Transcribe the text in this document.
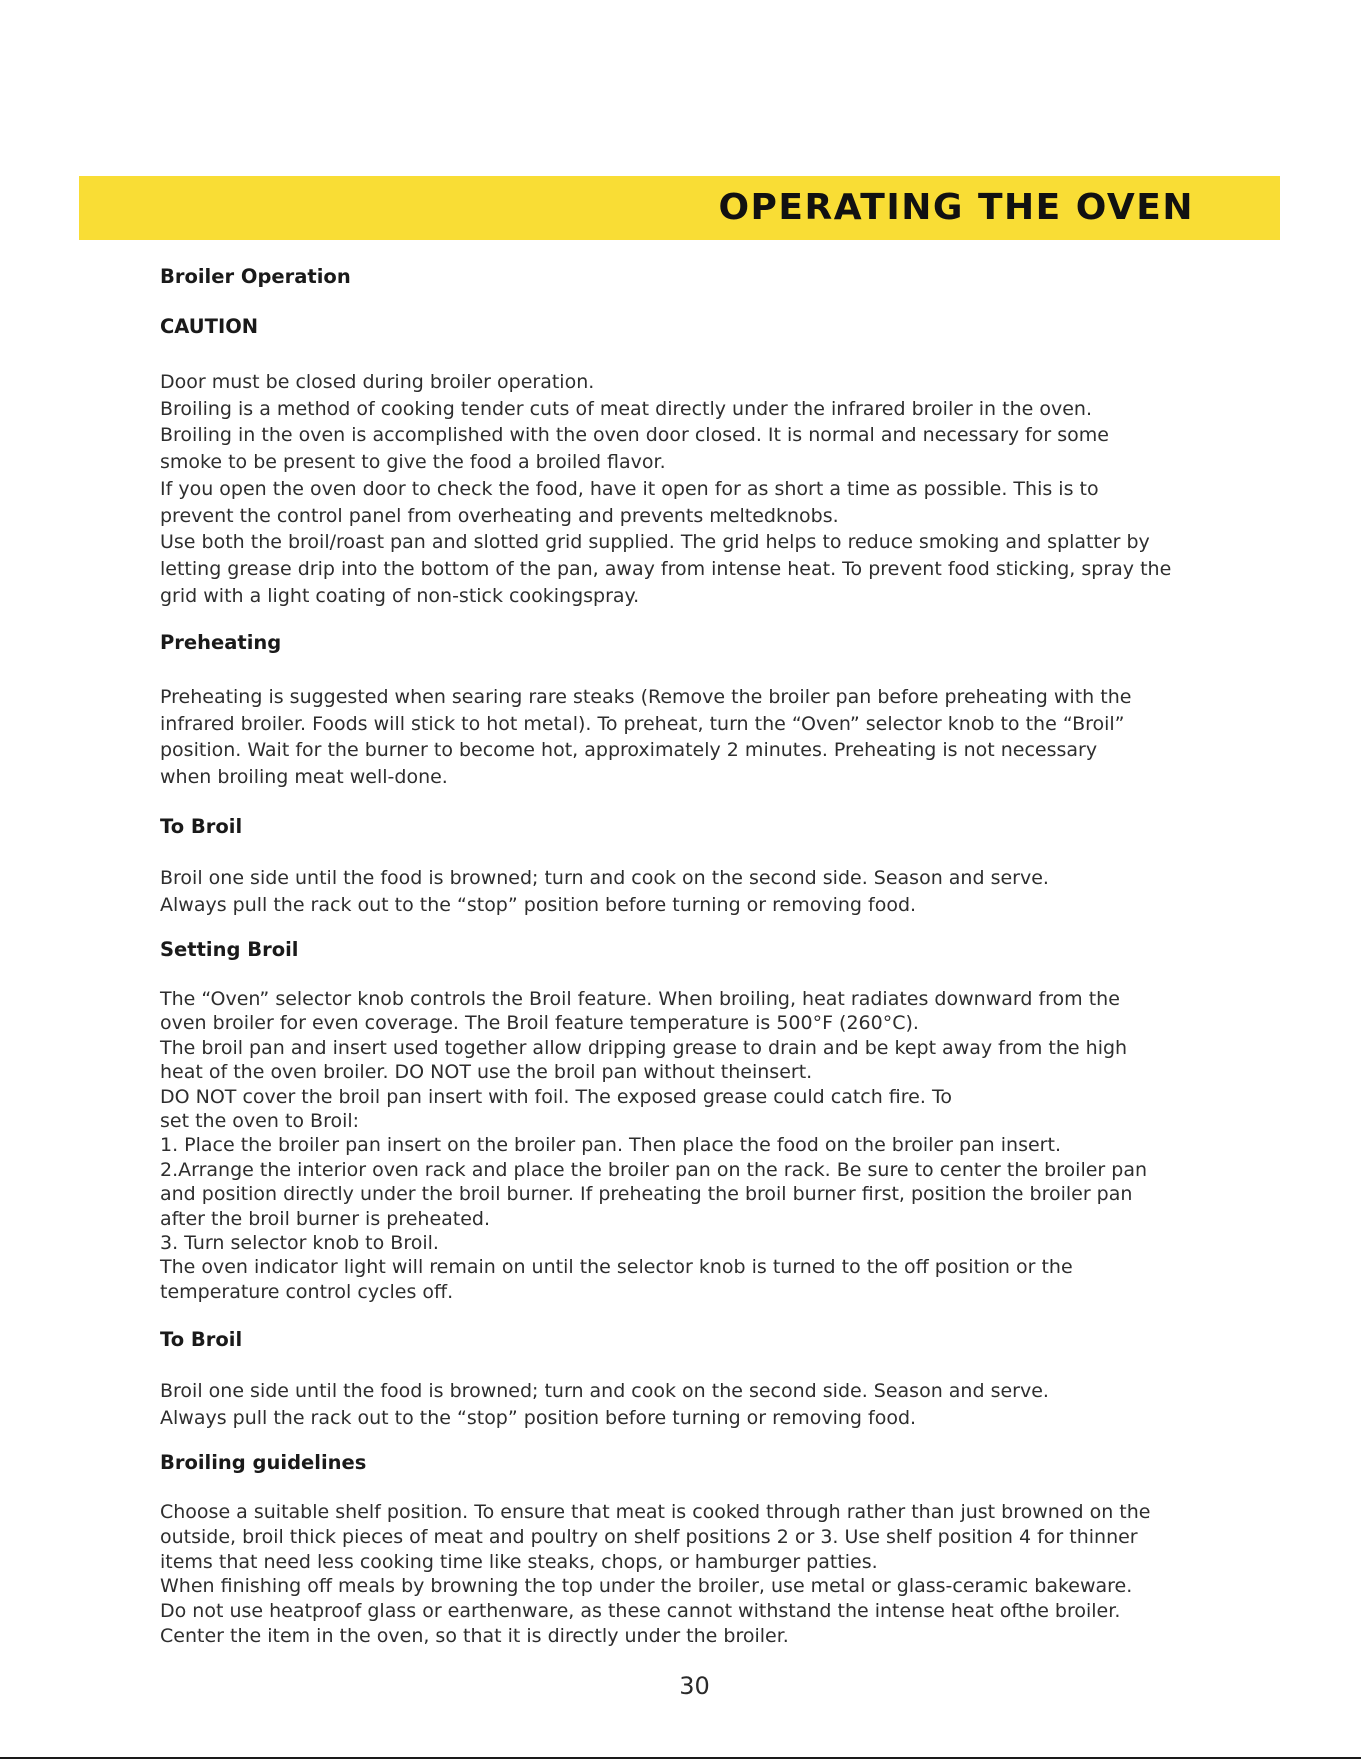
OPERATING THE OVEN
Broiler Operation
CAUTION

Door must be closed during broiler operation.
Broiling is a method of cooking tender cuts of meat directly under the infrared broiler in the oven.
Broiling in the oven is accomplished with the oven door closed. It is normal and necessary for some
smoke to be present to give the food a broiled flavor.
If you open the oven door to check the food, have it open for as short a time as possible. This is to
prevent the control panel from overheating and prevents meltedknobs.
Use both the broil/roast pan and slotted grid supplied. The grid helps to reduce smoking and splatter by
letting grease drip into the bottom of the pan, away from intense heat. To prevent food sticking, spray the
grid with a light coating of non-stick cookingspray.

Preheating

Preheating is suggested when searing rare steaks (Remove the broiler pan before preheating with the
infrared broiler. Foods will stick to hot metal). To preheat, turn the “Oven” selector knob to the “Broil”
position. Wait for the burner to become hot, approximately 2 minutes. Preheating is not necessary
when broiling meat well-done.

To Broil

Broil one side until the food is browned; turn and cook on the second side. Season and serve.
Always pull the rack out to the “stop” position before turning or removing food.

Setting Broil

The “Oven” selector knob controls the Broil feature. When broiling, heat radiates downward from the
oven broiler for even coverage. The Broil feature temperature is 500°F (260°C).
The broil pan and insert used together allow dripping grease to drain and be kept away from the high
heat of the oven broiler. DO NOT use the broil pan without theinsert.
DO NOT cover the broil pan insert with foil. The exposed grease could catch fire. To
set the oven to Broil:
1. Place the broiler pan insert on the broiler pan. Then place the food on the broiler pan insert.
2.Arrange the interior oven rack and place the broiler pan on the rack. Be sure to center the broiler pan
and position directly under the broil burner. If preheating the broil burner first, position the broiler pan
after the broil burner is preheated.
3. Turn selector knob to Broil.
The oven indicator light will remain on until the selector knob is turned to the off position or the
temperature control cycles off.

To Broil

Broil one side until the food is browned; turn and cook on the second side. Season and serve.
Always pull the rack out to the “stop” position before turning or removing food.

Broiling guidelines

Choose a suitable shelf position. To ensure that meat is cooked through rather than just browned on the
outside, broil thick pieces of meat and poultry on shelf positions 2 or 3. Use shelf position 4 for thinner
items that need less cooking time like steaks, chops, or hamburger patties.
When finishing off meals by browning the top under the broiler, use metal or glass-ceramic bakeware.
Do not use heatproof glass or earthenware, as these cannot withstand the intense heat ofthe broiler.
Center the item in the oven, so that it is directly under the broiler.

30
